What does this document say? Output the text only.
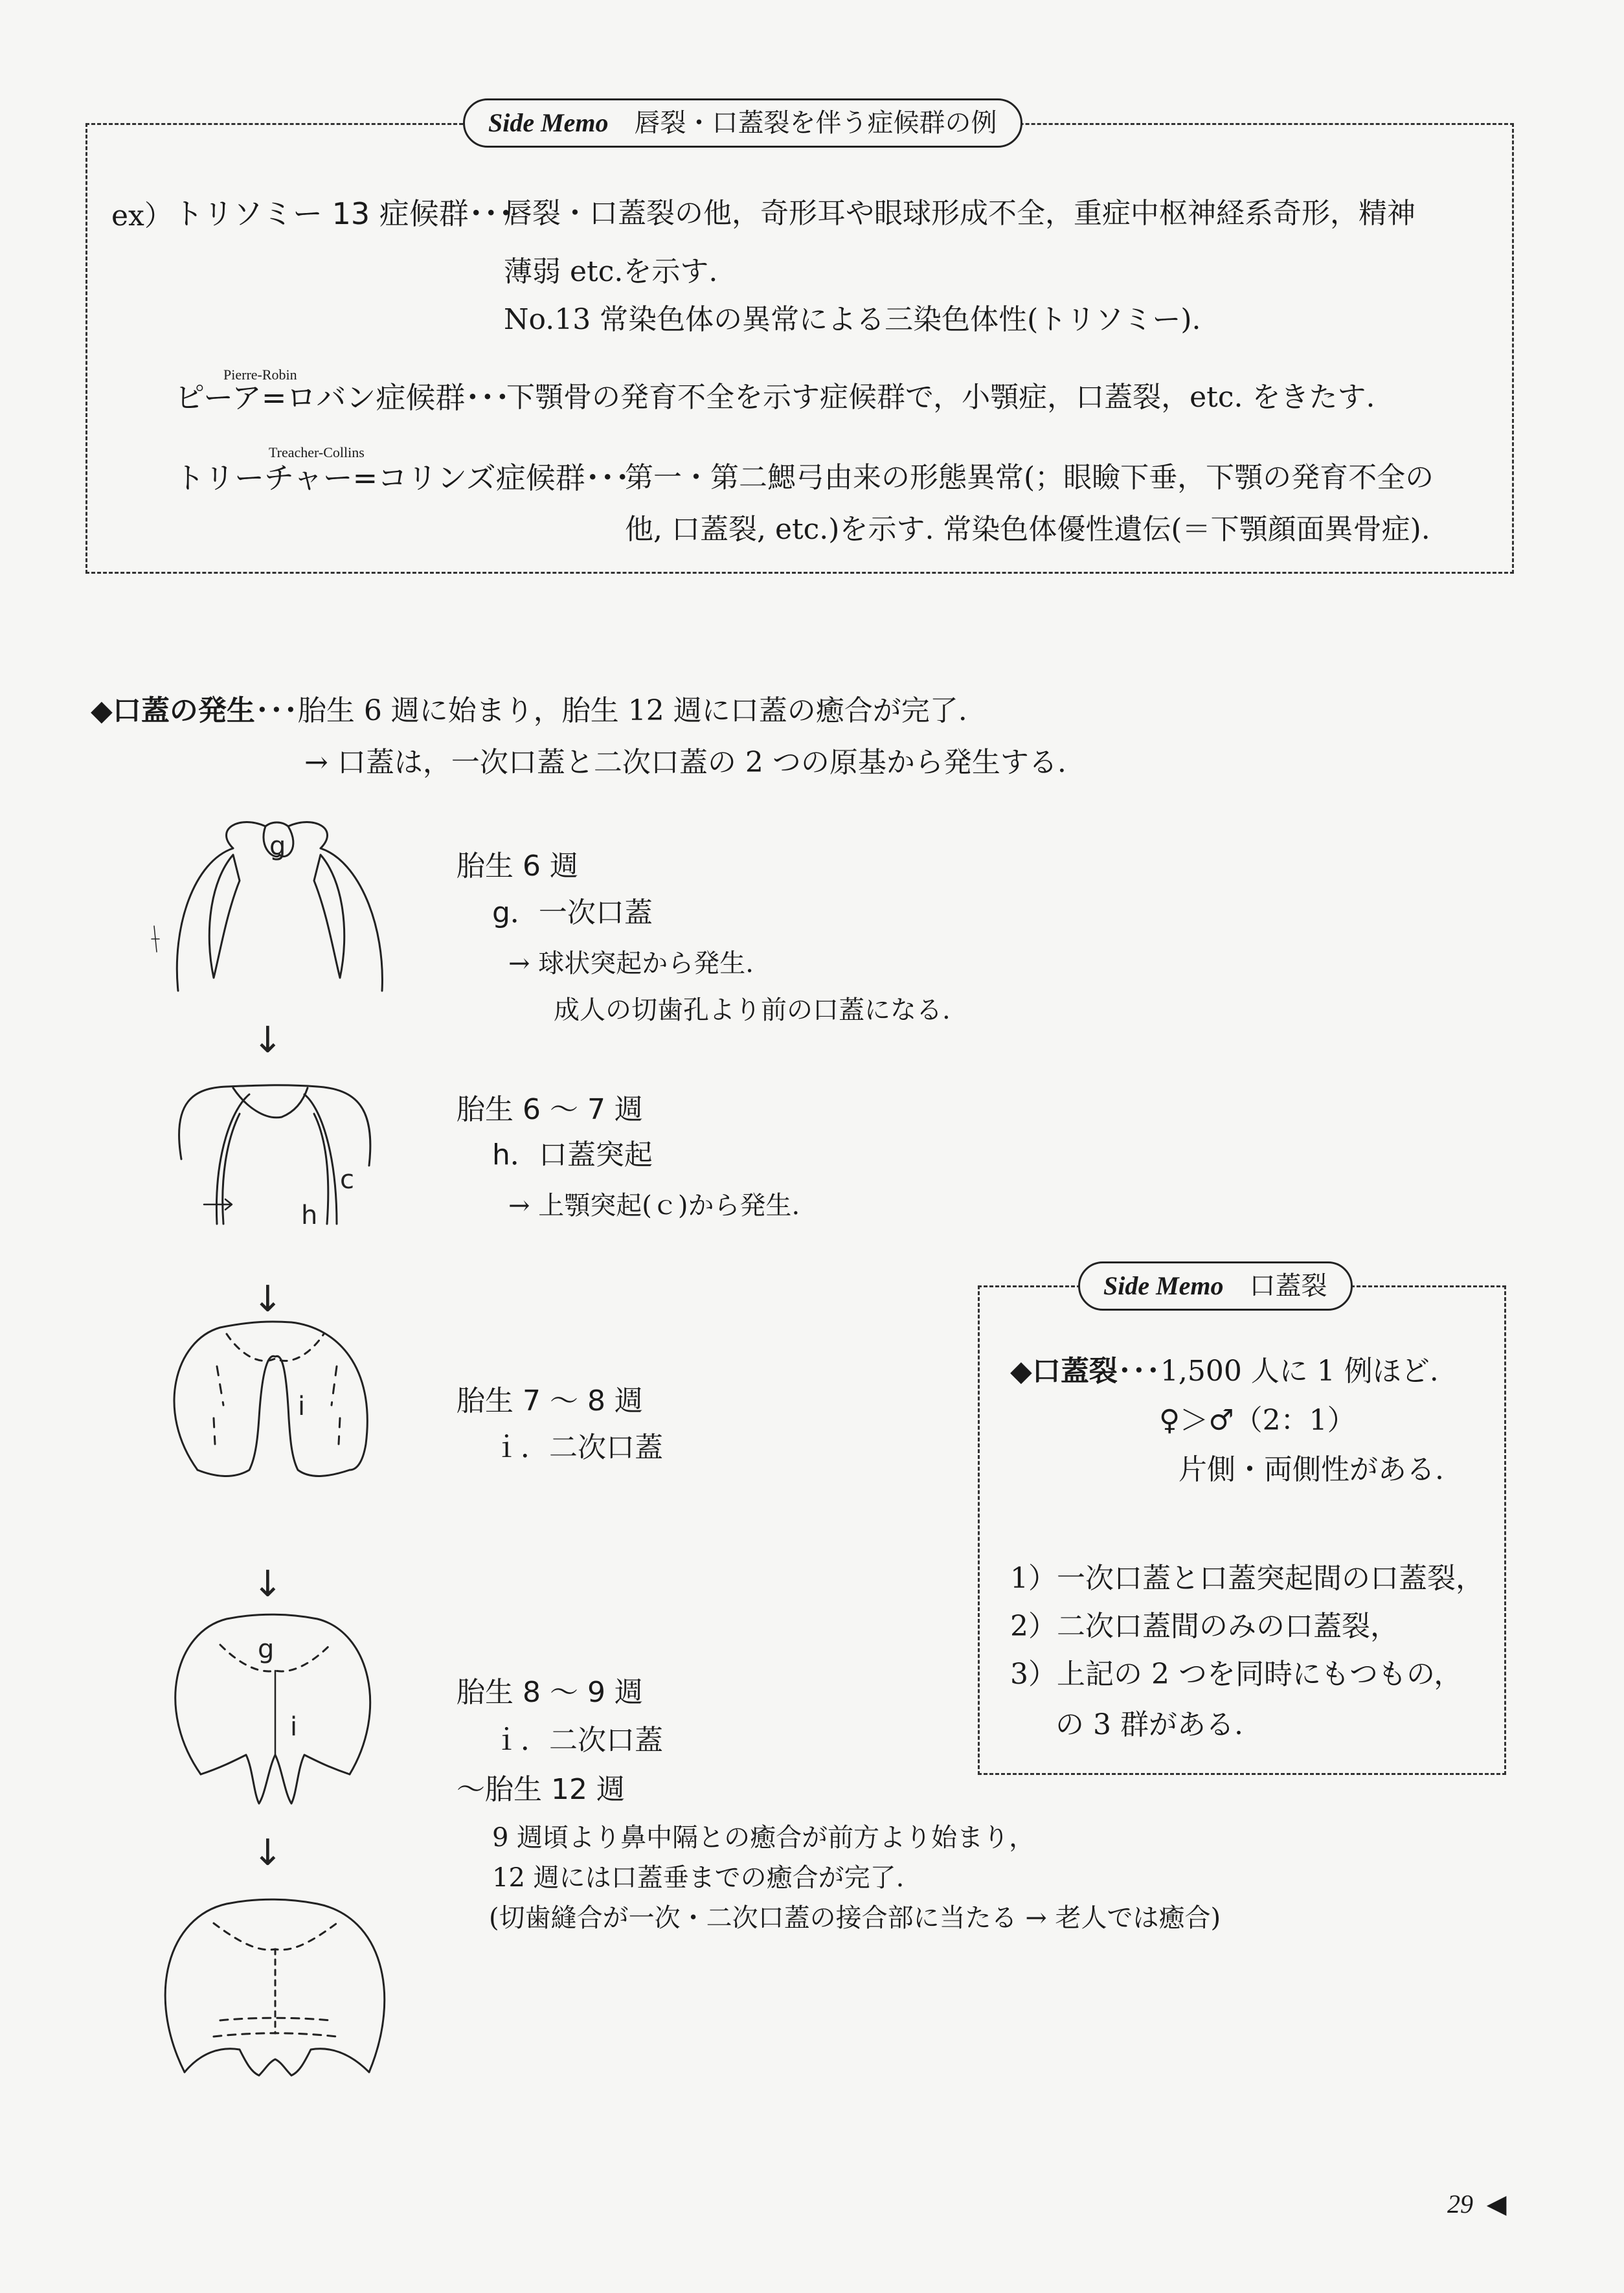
Side Memo 唇裂・口蓋裂を伴う症候群の例
ex） トリソミー 13 症候群･･･
唇裂・口蓋裂の他，奇形耳や眼球形成不全，重症中枢神経系奇形，精神
薄弱 etc.を示す.
No.13 常染色体の異常による三染色体性(トリソミー).
Pierre-Robin
ピーア=ロバン症候群･･･
下顎骨の発育不全を示す症候群で，小顎症，口蓋裂，etc. をきたす.
Treacher-Collins
トリーチャー=コリンズ症候群･･･
第一・第二鰓弓由来の形態異常(；眼瞼下垂，下顎の発育不全の
他, 口蓋裂, etc.)を示す. 常染色体優性遺伝(＝下顎顔面異骨症).
◆口蓋の発生･･･胎生 6 週に始まり，胎生 12 週に口蓋の癒合が完了.
→ 口蓋は，一次口蓋と二次口蓋の 2 つの原基から発生する.
g
↓
c
h
↓
i
↓
g
i
↓
胎生 6 週
g．一次口蓋
→ 球状突起から発生.
成人の切歯孔より前の口蓋になる.
胎生 6 ～ 7 週
h．口蓋突起
→ 上顎突起(ｃ)から発生.
胎生 7 ～ 8 週
ｉ．二次口蓋
胎生 8 ～ 9 週
ｉ．二次口蓋
～胎生 12 週
9 週頃より鼻中隔との癒合が前方より始まり，
12 週には口蓋垂までの癒合が完了.
(切歯縫合が一次・二次口蓋の接合部に当たる → 老人では癒合)
Side Memo 口蓋裂
◆口蓋裂･･･1,500 人に 1 例ほど.
♀＞♂（2：1）
片側・両側性がある.
1）一次口蓋と口蓋突起間の口蓋裂，
2）二次口蓋間のみの口蓋裂，
3）上記の 2 つを同時にもつもの，
の 3 群がある.
29 ◀
